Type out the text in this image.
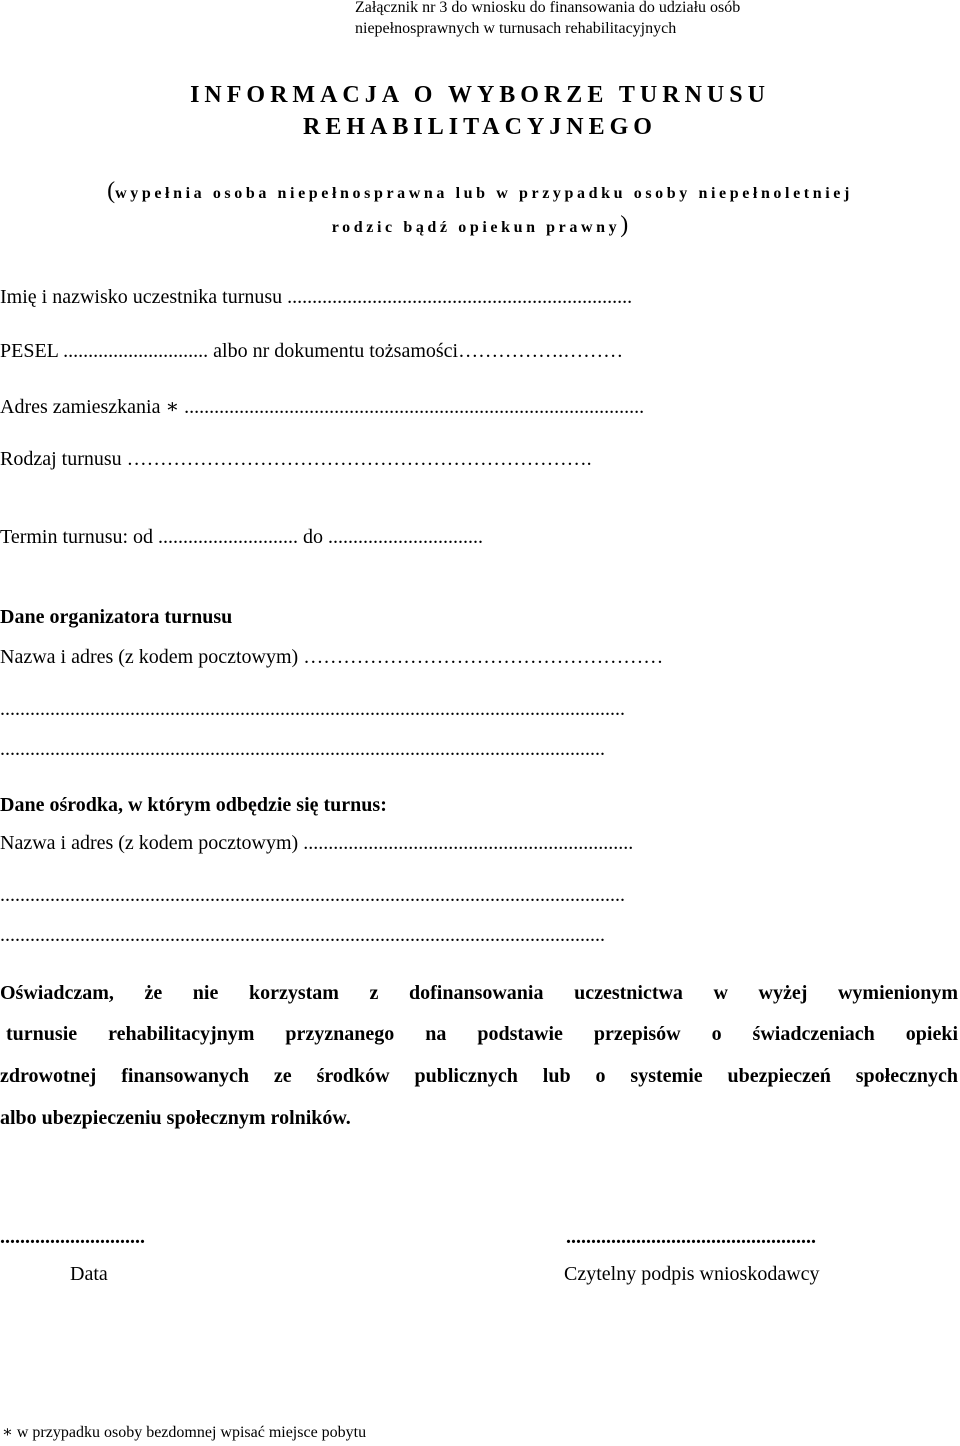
Załącznik nr 3 do wniosku do finansowania do udziału osób
niepełnosprawnych w turnusach rehabilitacyjnych
INFORMACJA O WYBORZE TURNUSU
REHABILITACYJNEGO
(wypełnia osoba niepełnosprawna lub w przypadku osoby niepełnoletniej
rodzic bądź opiekun prawny)
Imię i nazwisko uczestnika turnusu .....................................................................
PESEL ............................. albo nr dokumentu tożsamości…………….………
Adres zamieszkania ∗ ............................................................................................
Rodzaj turnusu …………………………………………………………….
Termin turnusu: od ............................ do ...............................
Dane organizatora turnusu
Nazwa i adres (z kodem pocztowym) ………………………………………………
.............................................................................................................................
.........................................................................................................................
Dane ośrodka, w którym odbędzie się turnus:
Nazwa i adres (z kodem pocztowym) ..................................................................
.............................................................................................................................
.........................................................................................................................
Oświadczam, że nie korzystam z dofinansowania uczestnictwa w wyżej wymienionym
turnusie rehabilitacyjnym przyznanego na podstawie przepisów o świadczeniach opieki
zdrowotnej finansowanych ze środków publicznych lub o systemie ubezpieczeń społecznych
albo ubezpieczeniu społecznym rolników.
.............................
Data
..................................................
Czytelny podpis wnioskodawcy
∗ w przypadku osoby bezdomnej wpisać miejsce pobytu
